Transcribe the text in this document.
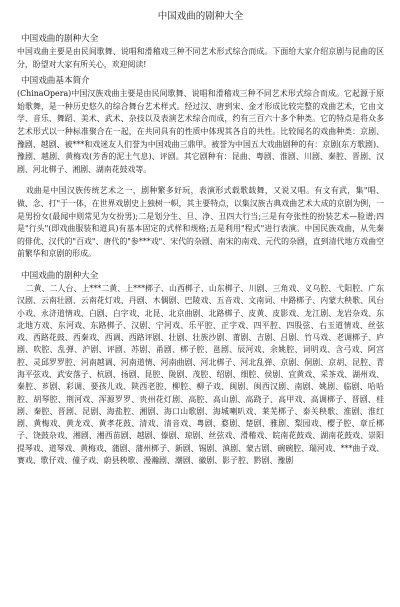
中国戏曲的剧种大全
中国戏曲的剧种大全
中国戏曲主要是由民间歌舞、说唱和滑稽戏三种不同艺术形式综合而成。下面给大家介绍京剧与昆曲的区分，盼望对大家有所关心，欢迎阅读!
中国戏曲基本简介
(ChinaOpera)中国汉族戏曲主要是由民间歌舞、说唱和滑稽戏三种不同艺术形式综合而成。它起源于原始歌舞，是一种历史悠久的综合舞台艺术样式。经过汉、唐到宋、金才形成比较完整的戏曲艺术，它由文学、音乐、舞蹈、美术、武术、杂技以及表演艺术综合而成，约有三百六十多个种类。它的特点是将众多艺术形式以一种标准聚合在一起，在共同具有的性质中体现其各自的共性。比较闻名的戏曲种类：京剧、豫剧、越剧、被***和戏迷友人们誉为中国戏曲三鼎甲。被誉为中国五大戏曲剧种的有：京剧(东方歌剧)、豫剧、越剧、黄梅戏(芳香的泥土气息)、评剧。其它剧种有：昆曲、粤剧、淮剧、川剧、秦腔、晋剧、汉剧、河北梆子、湘剧、湖南花鼓戏等。
戏曲是中国汉族传统艺术之一，剧种繁多好玩，表演形式载歌载舞，又说又唱。有文有武，集"唱、做、念、打"于一体，在世界戏剧史上独树一帜，其主要特点，以集汉族古典戏曲艺术大成的京剧为例，一是男扮女(最闻中则常见为女扮男);二是划分生、旦、净、丑四大行当;三是有夸张性的扮装艺术—脸谱;四是"行头"(即戏曲服装和道具)有基本固定的式样和规格;五是利用"程式"进行表演。中国民族戏曲，从先秦的俳优、汉代的"百戏"、唐代的"参***戏"、宋代的杂剧、南宋的南戏、元代的杂剧，直到清代地方戏曲空前繁华和京剧的形成。
中国戏曲的剧种大全
二黄、二人台、上***二黄、上***梆子、山西梆子、山东梆子、川剧、三角戏、义乌腔、弋阳腔、广东汉剧、云南壮剧、云南花灯戏、丹剧、木偶剧、巴陵戏、五音戏、文南词、中路梆子、内蒙大秧歌、风台小戏、永济道情戏、白剧、白字戏、北昆、北京曲剧、北路梆子、皮黄、皮影戏、龙江剧、龙岩杂戏、东北地方戏、东河戏、东路梆子、汉剧、宁河戏、乐平腔、正字戏、四平腔、四股弦、右玉道情戏、丝弦戏、西路花鼓、西秦戏、西调、西路评剧、壮剧、壮族沙剧、莆剧、吉剧、吕剧、竹马戏、老调梆子、庐剧、吹腔、乱弹、沪剧、评剧、苏剧、甬剧、梆子腔、邕剧、辰河戏、余姚腔、词明戏、含弓戏、阿宫腔、灵邱罗罗腔、河南越调、河南道情、河南曲剧、河北梆子、河北乱弹、京剧、侗剧、京胡、昆腔、青海平弦戏、武安落子、杭剧、扬剧、昆腔、陇剧、茂腔、绍剧、细腔、侯剧、宜黄戏、采茶戏、湖州戏、秦腔、芗剧、彩调、要孩儿戏、陕西老腔、柳腔、柳子戏、闽剧、闽西汉剧、南剧、姚剧、临剧、哈哈腔、胡琴腔、荆河戏、浑源罗罗、贵州花灯剧、高腔、高山剧、高跷子、高甲戏、高调梆子、晋剧、桂剧、秦腔、晋剧、昆剧、海盐腔、湘剧、海口山歌剧、海城喇叭戏、莱芜梆子、泰关秧歌、淮剧、淮红剧、黄梅戏、黄龙戏、黄孝花鼓、清戏、清音戏、粤剧、婺剧、楚剧、雅剧、梨园戏、樱子腔、章丘梆子、饶鼓杂戏、湘剧、湘西苗剧、越剧、傣剧、琼剧、丝弦戏、滑稽戏、皖南花鼓戏、湖南花鼓戏、崇阳提琴戏、道琴戏、黄梅戏、蒲剧、蒲州梆子、新剧、锡剧、滇剧、蒙古剧、碗碗腔、瑞河戏、***曲子戏、赛戏、歌仔戏、僮子戏、蔚县秧歌、漫瀚剧、潮剧、徽剧、影子腔、黔剧、豫剧
